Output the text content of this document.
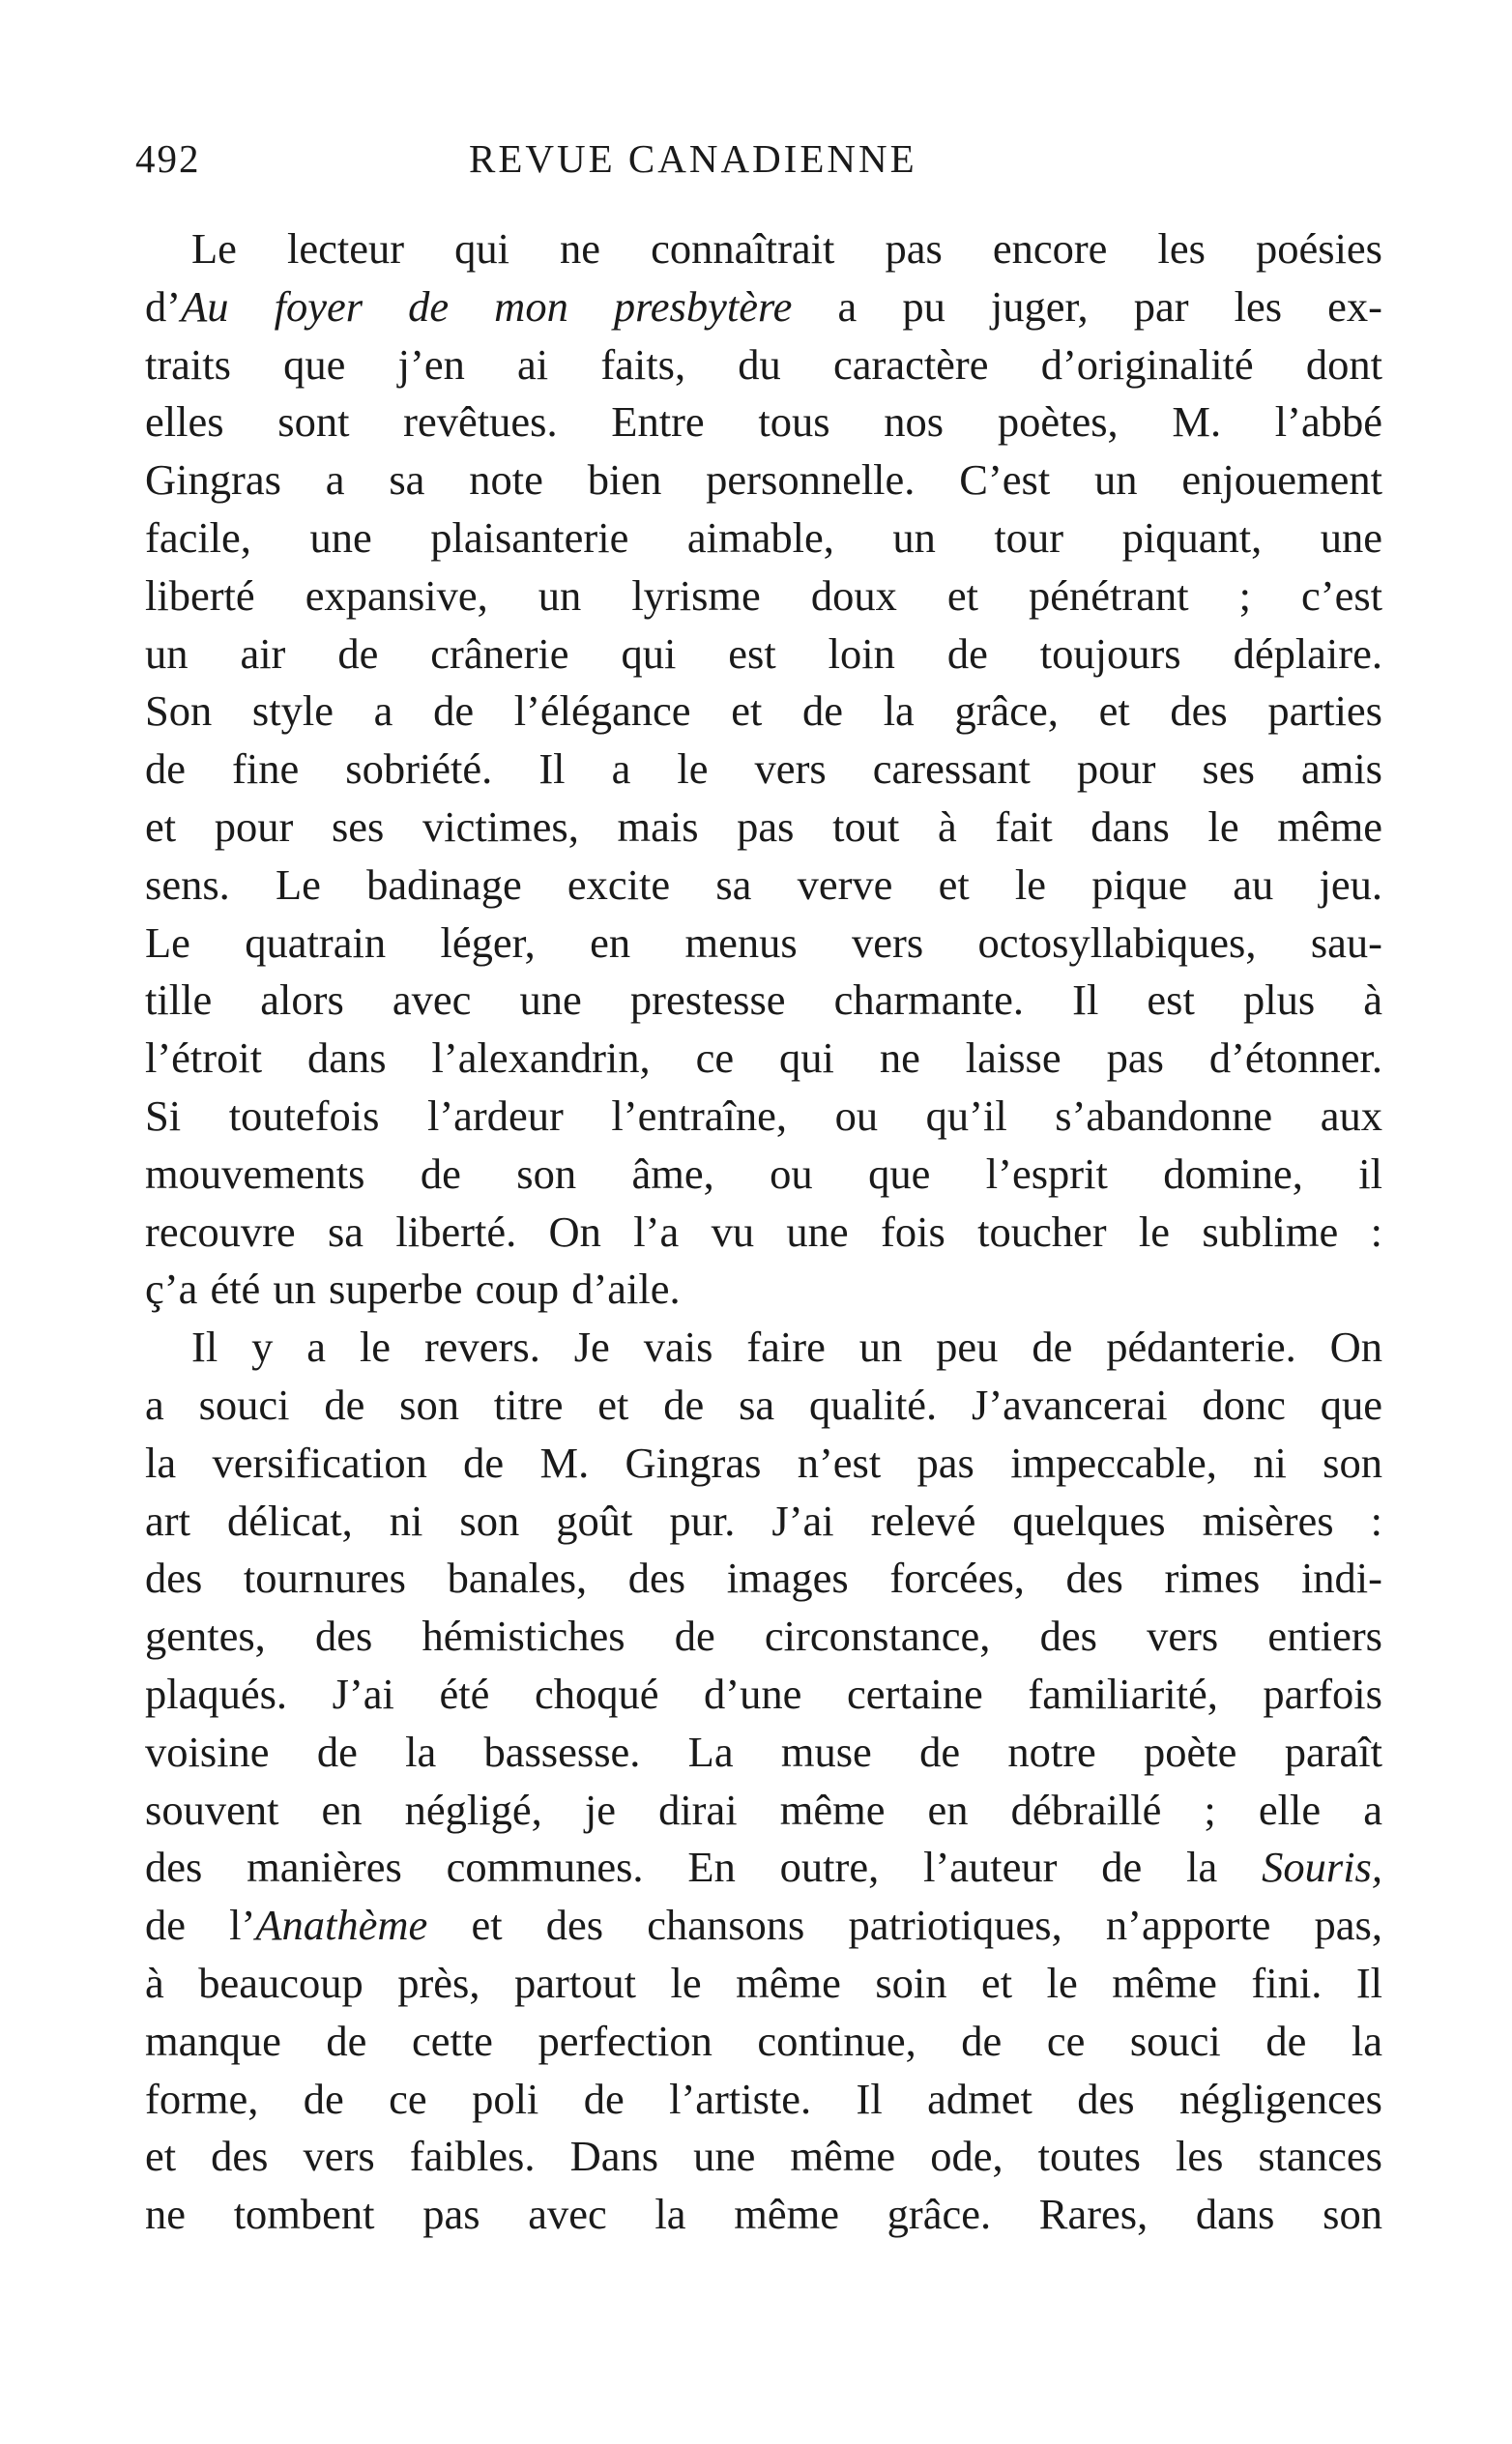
492	REVUE CANADIENNE
Le lecteur qui ne connaîtrait pas encore les poésies
d’Au foyer de mon presbytère a pu juger, par les ex-
traits que j’en ai faits, du caractère d’originalité dont
elles sont revêtues. Entre tous nos poètes, M. l’abbé
Gingras a sa note bien personnelle. C’est un enjouement
facile, une plaisanterie aimable, un tour piquant, une
liberté expansive, un lyrisme doux et pénétrant ; c’est
un air de crânerie qui est loin de toujours déplaire.
Son style a de l’élégance et de la grâce, et des parties
de fine sobriété. Il a le vers caressant pour ses amis
et pour ses victimes, mais pas tout à fait dans le même
sens. Le badinage excite sa verve et le pique au jeu.
Le quatrain léger, en menus vers octosyllabiques, sau-
tille alors avec une prestesse charmante. Il est plus à
l’étroit dans l’alexandrin, ce qui ne laisse pas d’étonner.
Si toutefois l’ardeur l’entraîne, ou qu’il s’abandonne aux
mouvements de son âme, ou que l’esprit domine, il
recouvre sa liberté. On l’a vu une fois toucher le sublime :
ç’a été un superbe coup d’aile.
Il y a le revers. Je vais faire un peu de pédanterie. On
a souci de son titre et de sa qualité. J’avancerai donc que
la versification de M. Gingras n’est pas impeccable, ni son
art délicat, ni son goût pur. J’ai relevé quelques misères :
des tournures banales, des images forcées, des rimes indi-
gentes, des hémistiches de circonstance, des vers entiers
plaqués. J’ai été choqué d’une certaine familiarité, parfois
voisine de la bassesse. La muse de notre poète paraît
souvent en négligé, je dirai même en débraillé ; elle a
des manières communes. En outre, l’auteur de la Souris,
de l’Anathème et des chansons patriotiques, n’apporte pas,
à beaucoup près, partout le même soin et le même fini. Il
manque de cette perfection continue, de ce souci de la
forme, de ce poli de l’artiste. Il admet des négligences
et des vers faibles. Dans une même ode, toutes les stances
ne tombent pas avec la même grâce. Rares, dans son
